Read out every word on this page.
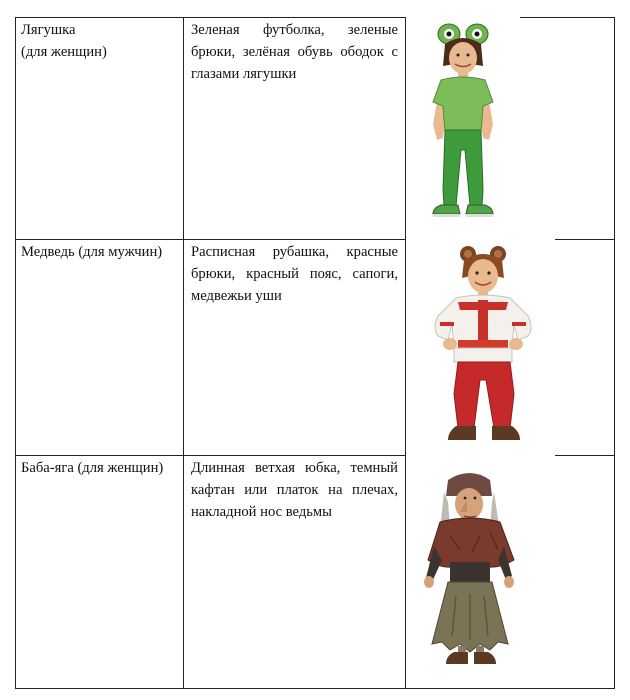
Лягушка
(для женщин)
Зеленая футболка, зеленые брюки, зелёная обувь ободок с глазами лягушки
Медведь (для мужчин)	Расписная рубашка, красные брюки, красный пояс, сапоги, медвежьи уши
Баба-яга (для женщин)	Длинная ветхая юбка, темный кафтан или платок на плечах, накладной нос ведьмы
